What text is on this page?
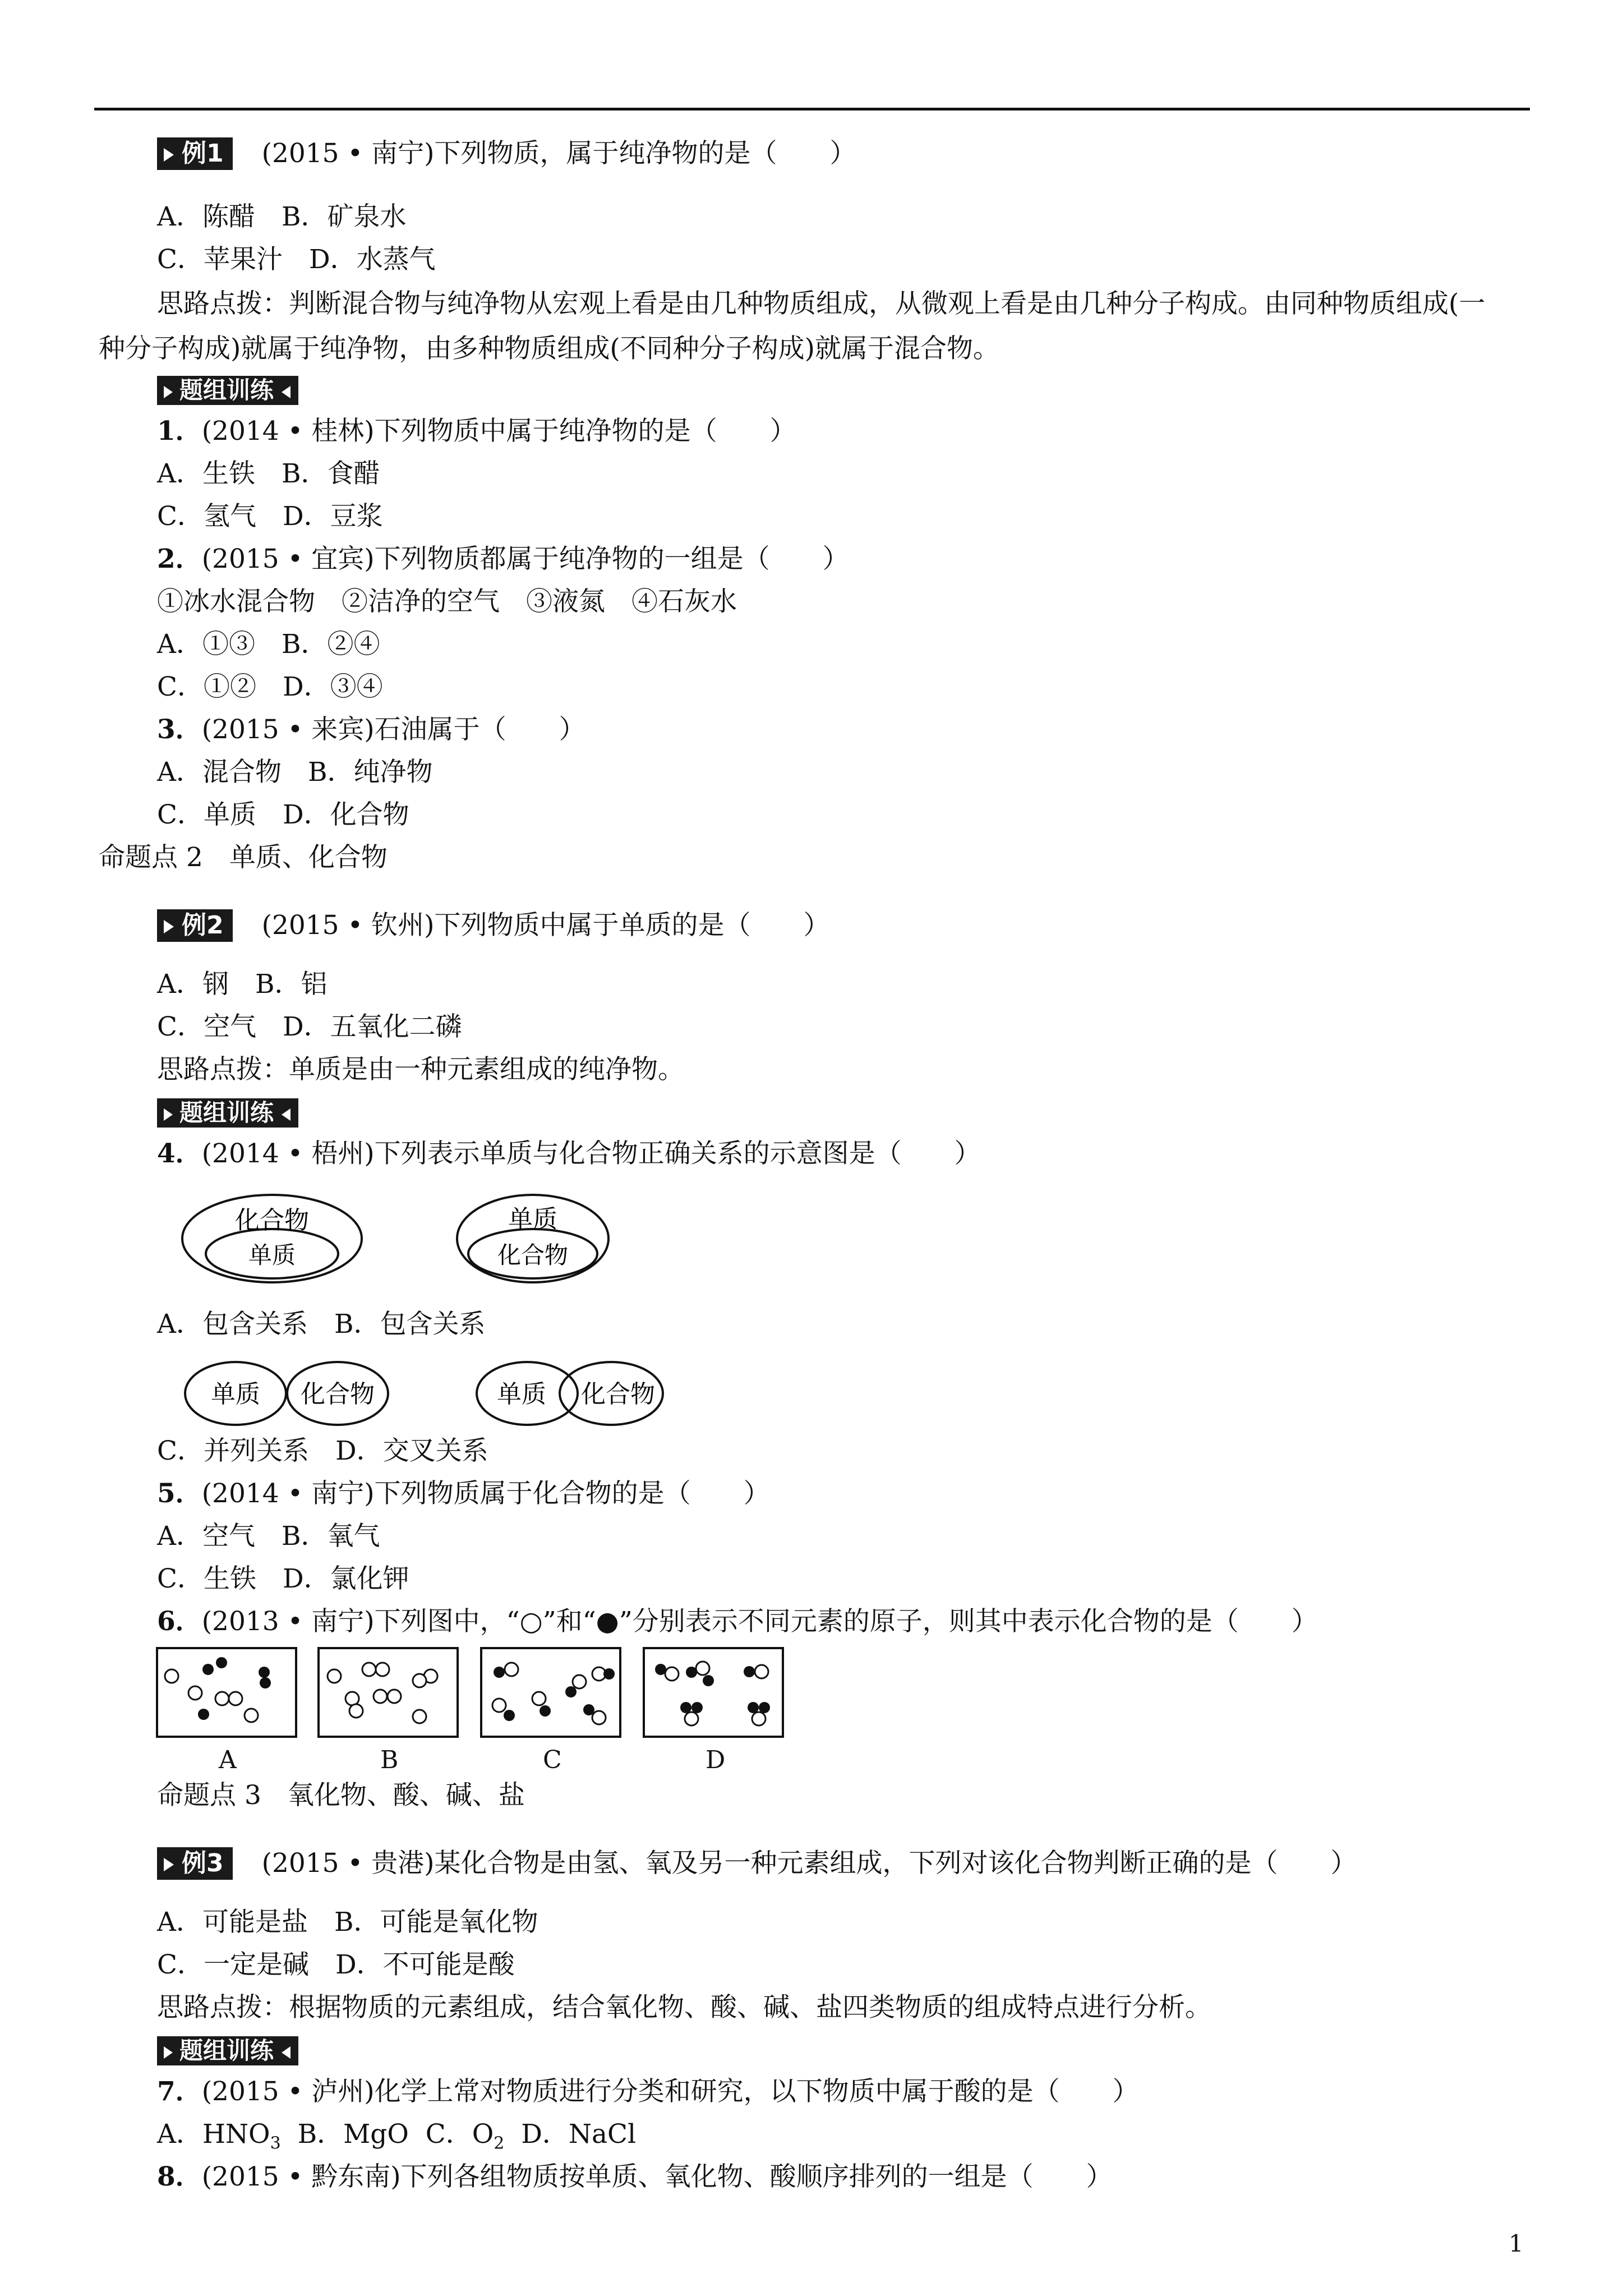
例1 (2015 • 南宁)下列物质，属于纯净物的是（　　）
A．陈醋　B．矿泉水
C．苹果汁　D．水蒸气
思路点拨：判断混合物与纯净物从宏观上看是由几种物质组成，从微观上看是由几种分子构成。由同种物质组成(一种分子构成)就属于纯净物，由多种物质组成(不同种分子构成)就属于混合物。
题组训练
1．(2014 • 桂林)下列物质中属于纯净物的是（　　）
A．生铁　B．食醋
C．氢气　D．豆浆
2．(2015 • 宜宾)下列物质都属于纯净物的一组是（　　）
①冰水混合物　②洁净的空气　③液氮　④石灰水
A．①③　B．②④
C．①②　D．③④
3．(2015 • 来宾)石油属于（　　）
A．混合物　B．纯净物
C．单质　D．化合物
命题点 2　单质、化合物
例2 (2015 • 钦州)下列物质中属于单质的是（　　）
A．钢　B．铝
C．空气　D．五氧化二磷
思路点拨：单质是由一种元素组成的纯净物。
题组训练
4．(2014 • 梧州)下列表示单质与化合物正确关系的示意图是（　　）
化合物
单质
单质
化合物
A．包含关系　B．包含关系
单质 化合物	单质 化合物
C．并列关系　D．交叉关系
5．(2014 • 南宁)下列物质属于化合物的是（　　）
A．空气　B．氧气
C．生铁　D．氯化钾
6．(2013 • 南宁)下列图中，“○”和“●”分别表示不同元素的原子，则其中表示化合物的是（　　）
A	B	C	D
命题点 3　氧化物、酸、碱、盐
例3 (2015 • 贵港)某化合物是由氢、氧及另一种元素组成，下列对该化合物判断正确的是（　　）
A．可能是盐　B．可能是氧化物
C．一定是碱　D．不可能是酸
思路点拨：根据物质的元素组成，结合氧化物、酸、碱、盐四类物质的组成特点进行分析。
题组训练
7．(2015 • 泸州)化学上常对物质进行分类和研究，以下物质中属于酸的是（　　）
A．$HNO_3$  B．MgO  C．$O_2$  D．NaCl
8．(2015 • 黔东南)下列各组物质按单质、氧化物、酸顺序排列的一组是（　　）
1
